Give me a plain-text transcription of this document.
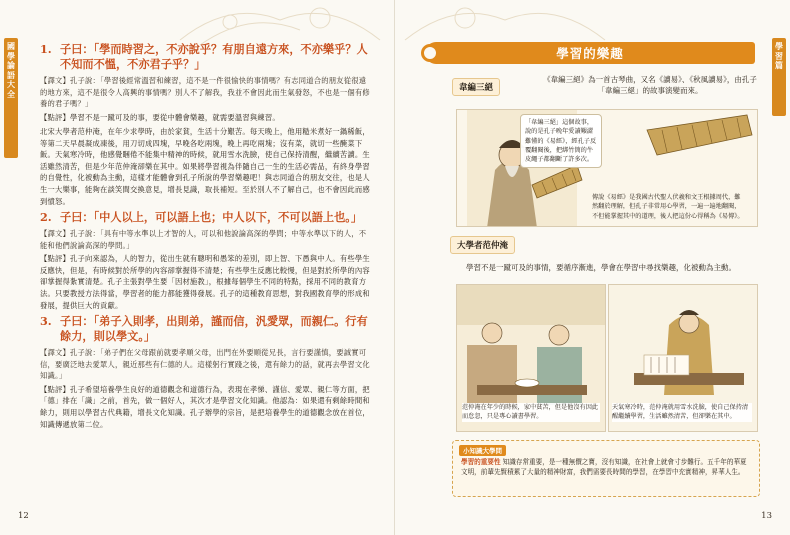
國學論語大全
1. 子曰：「學而時習之，不亦說乎？有朋自遠方來，不亦樂乎？人不知而不慍，不亦君子乎？」

【譯文】孔子說：「學習後經常溫習和練習，這不是一件很愉快的事情嗎？有志同道合的朋友從很遠的地方來，這不是很令人高興的事情嗎？別人不了解我，我並不會因此而生氣發怒，不也是一個有修養的君子嗎？」

【點評】學習不是一蹴可及的事，要從中體會樂趣，就需要溫習與練習。

北宋大學者范仲淹，在年少求學時，由於家貧，生活十分艱苦。每天晚上，他用糙米煮好一鍋稀飯，等第二天早晨凝成凍後，用刀切成四塊，早晚各吃兩塊，晚上再吃兩塊；沒有菜，就切一些醃菜下飯。天氣寒冷時，他感覺睏倦不能集中精神的時候，就用雪水洗臉，使自己保持清醒，繼續苦讀。生活雖然清苦，但是少年范仲淹卻樂在其中。如果將學習視為伴隨自己一生的生活必需品，有終身學習的自覺性，化被動為主動，這樣才能體會到孔子所說的學習樂趣吧！與志同道合的朋友交往，也是人生一大樂事，能夠在談笑間交換意見，增長見識，取長補短。至於別人不了解自己，也不會因此而感到憤怒。

2. 子曰：「中人以上，可以語上也；中人以下，不可以語上也。」

【譯文】孔子說：「具有中等水準以上才智的人，可以和他說論高深的學問；中等水準以下的人，不能和他們說論高深的學問。」

【點評】孔子向來認為，人的智力，從出生就有聰明和愚笨的差別，即上智、下愚與中人。有些學生反應快，但是，有時候對於所學的內容卻掌握得不清楚；有些學生反應比較慢，但是對於所學的內容卻掌握得紮實清楚。孔子主張對學生要「因材施教」，根據每個學生不同的特點，採用不同的教育方法。只要教授方法得當，學習者的能力都能獲得發展。孔子的這種教育思想，對我國教育學的形成和發展，提供巨大的貢獻。

3. 子曰：「弟子入則孝，出則弟，謹而信，汎愛眾，而親仁。行有餘力，則以學文。」

【譯文】孔子說：「弟子們在父母跟前就要孝順父母，出門在外要順從兄長，言行要謹慎，要誠實可信，要廣泛地去愛眾人，親近那些有仁德的人。這樣躬行實踐之後，還有餘力的話，就再去學習文化知識。」

【點評】孔子希望培養學生良好的道德觀念和道德行為，表現在孝悌、謹信、愛眾、親仁等方面，把「德」排在「識」之前，首先，做一個好人，其次才是學習文化知識。他認為：如果還有剩餘時間和餘力，則用以學習古代典籍，增長文化知識。孔子辦學的宗旨，是把培養學生的道德觀念放在首位，知識傳遞放第二位。

12
學習篇
13
學習的樂趣
韋編三絕
《韋編三絕》為一首古琴曲，又名《讀易》、《秋風讀易》，由孔子「韋編三絕」的故事演變而來。
「韋編三絕」這個故事，說的是孔子晚年愛讀艱澀難懂的《易經》，經孔子反覆翻閱後，把綁竹簡的牛皮繩子都翻斷了許多次。
傳說《易經》是我國古代聖人伏羲和文王根據周代，難然翻於理解，但孔子非常用心學習，一遍一遍地翻閱，不但能掌握其中的道理，後人把這份心得稱為《易傳》。
大學者范仲淹
學習不是一蹴可及的事情，要循序漸進，學會在學習中尋找樂趣，化被動為主動。
范仲淹在年少的時候，家中貧苦，但是他沒有因此而怠忽，只是專心讀書學習。
天氣寒冷時，范仲淹就用雪水洗臉，使自己保持清醒繼續學習，生活雖然清苦，但卻樂在其中。
小知識大學問
學習的重要性 知識存常重要，是一種無價之寶，沒有知識，在社會上就會寸步難行。五千年的華夏文明，前輩先賢積累了大量的精神財富，我們需要長時間的學習，在學習中充實精神，昇華人生。
